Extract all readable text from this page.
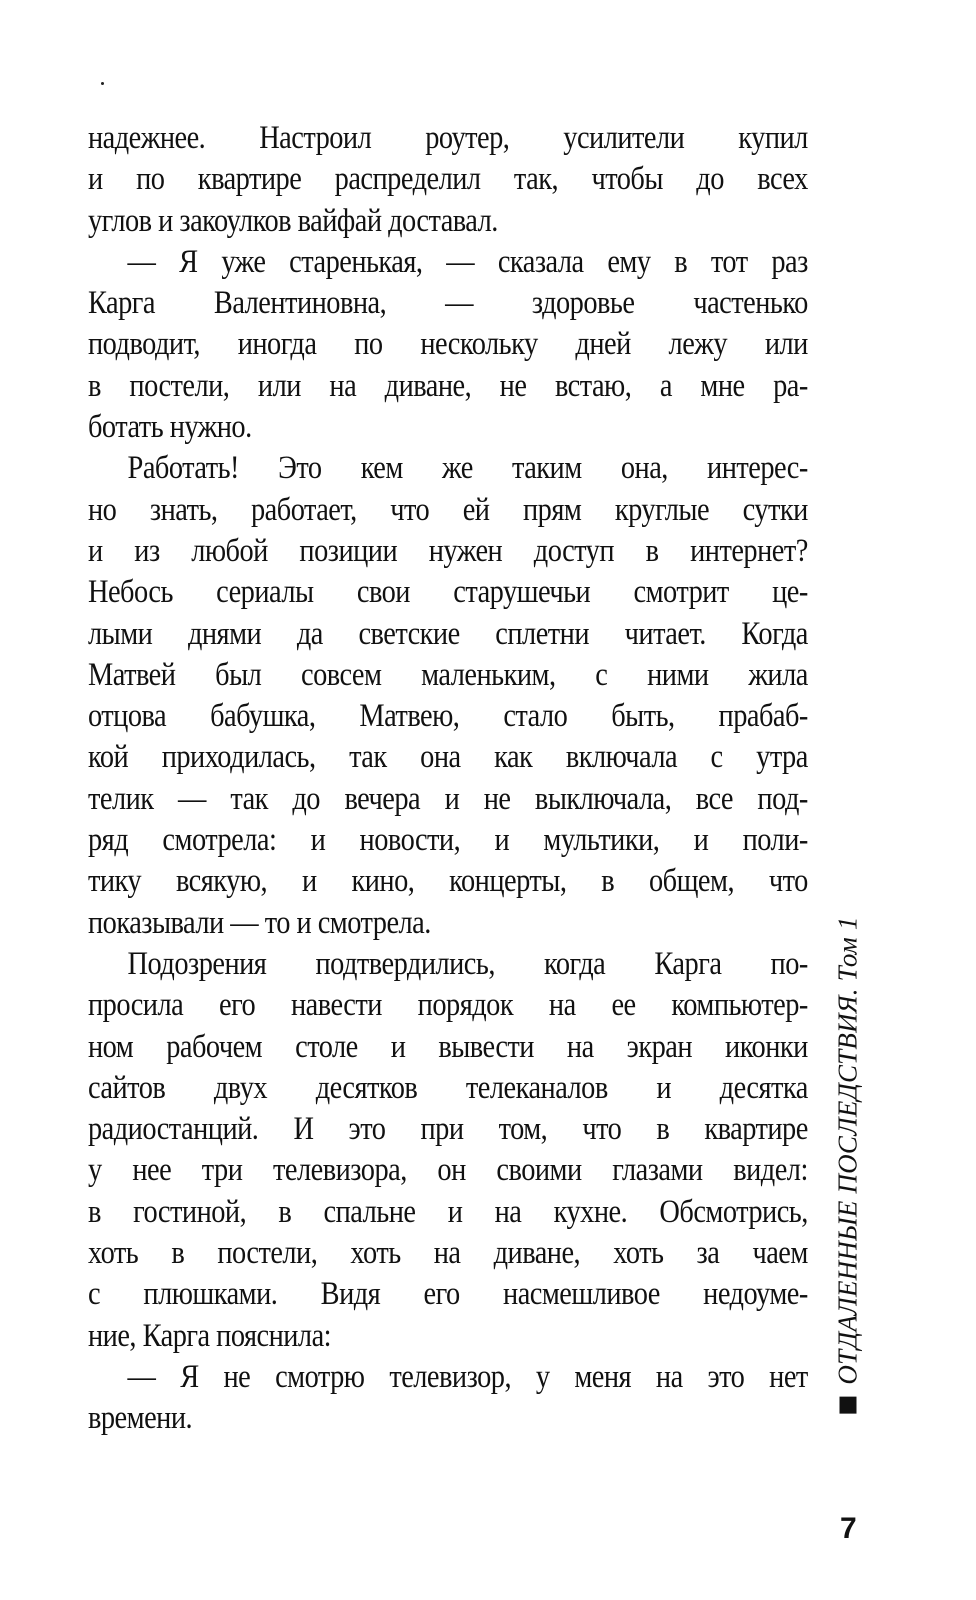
надежнее. Настроил роутер, усилители купил
и по квартире распределил так, чтобы до всех
углов и закоулков вайфай доставал.
— Я уже старенькая, — сказала ему в тот раз
Карга Валентиновна, — здоровье частенько
подводит, иногда по нескольку дней лежу или
в постели, или на диване, не встаю, а мне ра-
ботать нужно.
Работать! Это кем же таким она, интерес-
но знать, работает, что ей прям круглые сутки
и из любой позиции нужен доступ в интернет?
Небось сериалы свои старушечьи смотрит це-
лыми днями да светские сплетни читает. Когда
Матвей был совсем маленьким, с ними жила
отцова бабушка, Матвею, стало быть, прабаб-
кой приходилась, так она как включала с утра
телик — так до вечера и не выключала, все под-
ряд смотрела: и новости, и мультики, и поли-
тику всякую, и кино, концерты, в общем, что
показывали — то и смотрела.
Подозрения подтвердились, когда Карга по-
просила его навести порядок на ее компьютер-
ном рабочем столе и вывести на экран иконки
сайтов двух десятков телеканалов и десятка
радиостанций. И это при том, что в квартире
у нее три телевизора, он своими глазами видел:
в гостиной, в спальне и на кухне. Обсмотрись,
хоть в постели, хоть на диване, хоть за чаем
с плюшками. Видя его насмешливое недоуме-
ние, Карга пояснила:
— Я не смотрю телевизор, у меня на это нет
времени.
ОТДАЛЕННЫЕ ПОСЛЕДСТВИЯ. Том 1
7
